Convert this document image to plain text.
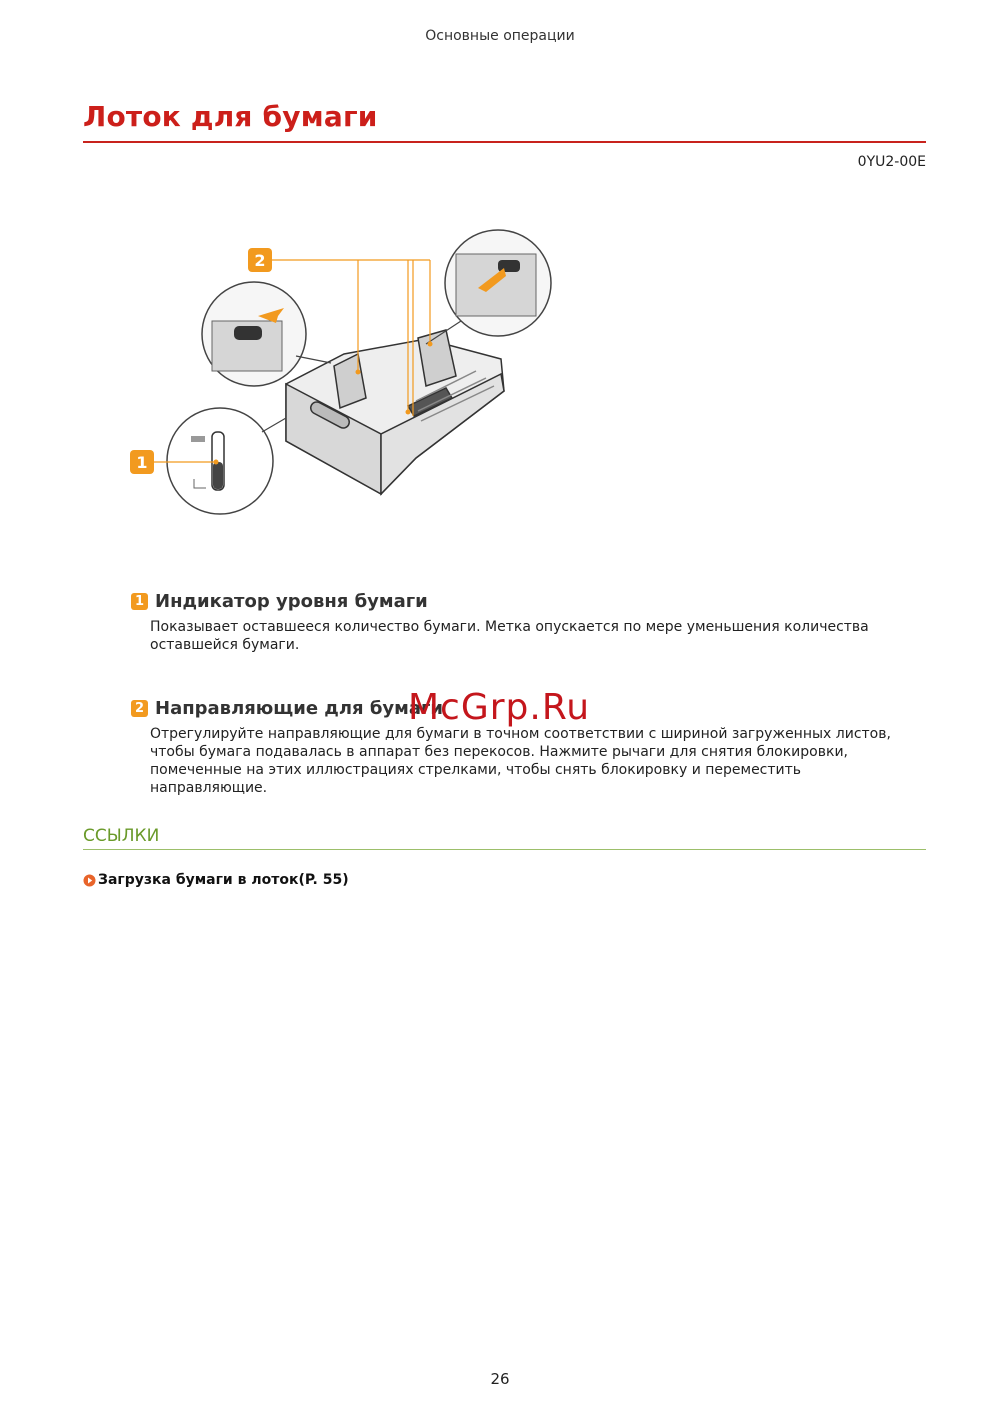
Основные операции
Лоток для бумаги
0YU2-00E
1
2
1 Индикатор уровня бумаги
Показывает оставшееся количество бумаги. Метка опускается по мере уменьшения количества оставшейся бумаги.
2 Направляющие для бумаги
Отрегулируйте направляющие для бумаги в точном соответствии с шириной загруженных листов, чтобы бумага подавалась в аппарат без перекосов. Нажмите рычаги для снятия блокировки, помеченные на этих иллюстрациях стрелками, чтобы снять блокировку и переместить направляющие.
ССЫЛКИ
Загрузка бумаги в лоток(P. 55)
McGrp.Ru
26
